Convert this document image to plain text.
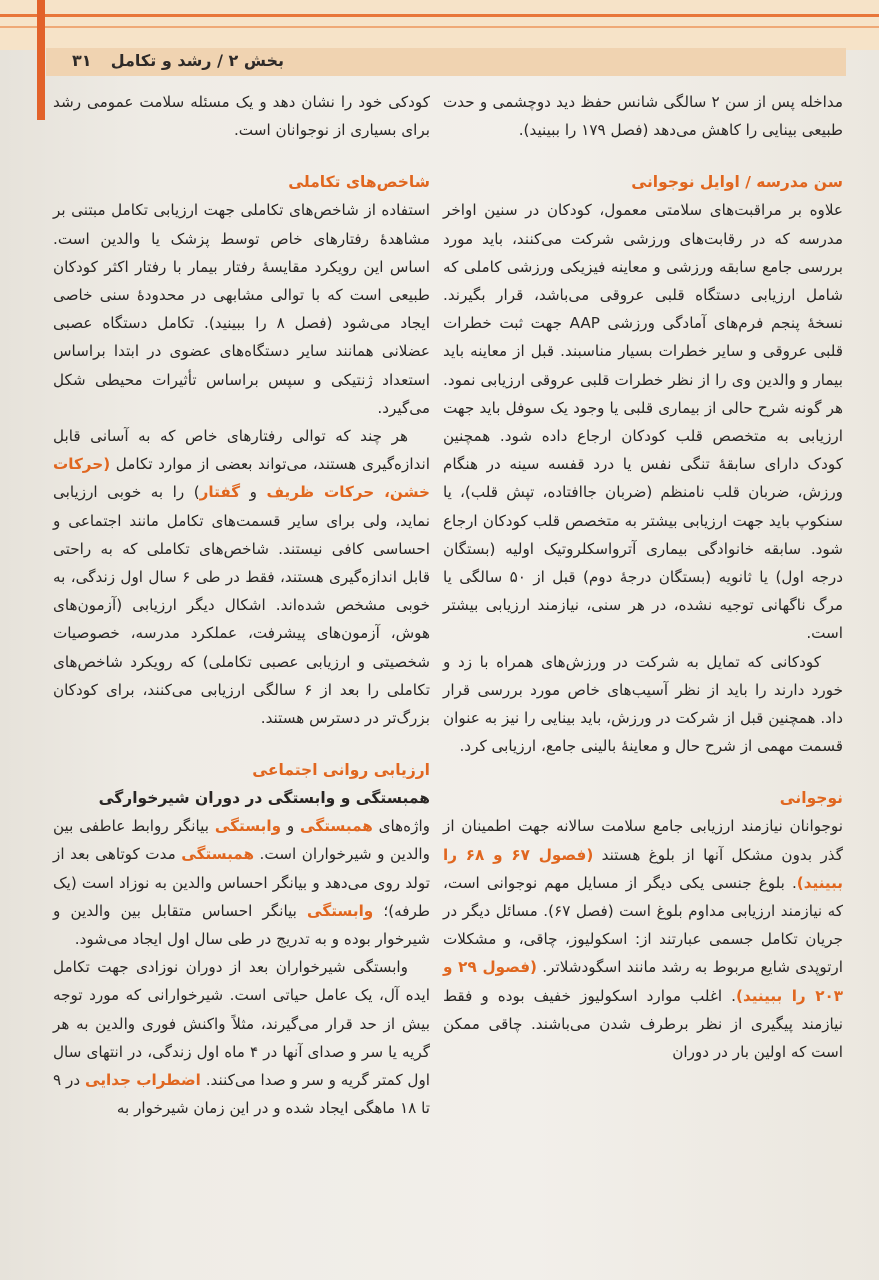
بخش ۲ / رشد و تکامل
۳۱

مداخله پس از سن ۲ سالگی شانس حفظ دید دوچشمی و حدت طبیعی بینایی را کاهش می‌دهد (فصل ۱۷۹ را ببینید).

سن مدرسه / اوایل نوجوانی

علاوه بر مراقبت‌های سلامتی معمول، کودکان در سنین اواخر مدرسه که در رقابت‌های ورزشی شرکت می‌کنند، باید مورد بررسی جامع سابقه ورزشی و معاینه فیزیکی ورزشی کاملی که شامل ارزیابی دستگاه قلبی عروقی می‌باشد، قرار بگیرند. نسخهٔ پنجم فرم‌های آمادگی ورزشی AAP جهت ثبت خطرات قلبی عروقی و سایر خطرات بسیار مناسبند. قبل از معاینه باید بیمار و والدین وی را از نظر خطرات قلبی عروقی ارزیابی نمود. هر گونه شرح حالی از بیماری قلبی یا وجود یک سوفل باید جهت ارزیابی به متخصص قلب کودکان ارجاع داده شود. همچنین کودک دارای سابقهٔ تنگی نفس یا درد قفسه سینه در هنگام ورزش، ضربان قلب نامنظم (ضربان جاافتاده، تپش قلب)، یا سنکوپ باید جهت ارزیابی بیشتر به متخصص قلب کودکان ارجاع شود. سابقه خانوادگی بیماری آترواسکلروتیک اولیه (بستگان درجه اول) یا ثانویه (بستگان درجهٔ دوم) قبل از ۵۰ سالگی یا مرگ ناگهانی توجیه نشده، در هر سنی، نیازمند ارزیابی بیشتر است.

کودکانی که تمایل به شرکت در ورزش‌های همراه با زد و خورد دارند را باید از نظر آسیب‌های خاص مورد بررسی قرار داد. همچنین قبل از شرکت در ورزش، باید بینایی را نیز به عنوان قسمت مهمی از شرح حال و معاینهٔ بالینی جامع، ارزیابی کرد.

نوجوانی

نوجوانان نیازمند ارزیابی جامع سلامت سالانه جهت اطمینان از گذر بدون مشکل آنها از بلوغ هستند (فصول ۶۷ و ۶۸ را ببینید). بلوغ جنسی یکی دیگر از مسایل مهم نوجوانی است، که نیازمند ارزیابی مداوم بلوغ است (فصل ۶۷). مسائل دیگر در جریان تکامل جسمی عبارتند از: اسکولیوز، چاقی، و مشکلات ارتوپدی شایع مربوط به رشد مانند اسگودشلاتر. (فصول ۲۹ و ۲۰۳ را ببینید). اغلب موارد اسکولیوز خفیف بوده و فقط نیازمند پیگیری از نظر برطرف شدن می‌باشند. چاقی ممکن است که اولین بار در دوران

کودکی خود را نشان دهد و یک مسئله سلامت عمومی رشد برای بسیاری از نوجوانان است.

شاخص‌های تکاملی

استفاده از شاخص‌های تکاملی جهت ارزیابی تکامل مبتنی بر مشاهدهٔ رفتارهای خاص توسط پزشک یا والدین است. اساس این رویکرد مقایسهٔ رفتار بیمار با رفتار اکثر کودکان طبیعی است که با توالی مشابهی در محدودهٔ سنی خاصی ایجاد می‌شود (فصل ۸ را ببینید). تکامل دستگاه عصبی عضلانی همانند سایر دستگاه‌های عضوی در ابتدا براساس استعداد ژنتیکی و سپس براساس تأثیرات محیطی شکل می‌گیرد.

هر چند که توالی رفتارهای خاص که به آسانی قابل اندازه‌گیری هستند، می‌تواند بعضی از موارد تکامل (حرکات خشن، حرکات ظریف و گفتار) را به خوبی ارزیابی نماید، ولی برای سایر قسمت‌های تکامل مانند اجتماعی و احساسی کافی نیستند. شاخص‌های تکاملی که به راحتی قابل اندازه‌گیری هستند، فقط در طی ۶ سال اول زندگی، به خوبی مشخص شده‌اند. اشکال دیگر ارزیابی (آزمون‌های هوش، آزمون‌های پیشرفت، عملکرد مدرسه، خصوصیات شخصیتی و ارزیابی عصبی تکاملی) که رویکرد شاخص‌های تکاملی را بعد از ۶ سالگی ارزیابی می‌کنند، برای کودکان بزرگ‌تر در دسترس هستند.

ارزیابی روانی اجتماعی
همبستگی و وابستگی در دوران شیرخوارگی

واژه‌های همبستگی و وابستگی بیانگر روابط عاطفی بین والدین و شیرخواران است. همبستگی مدت کوتاهی بعد از تولد روی می‌دهد و بیانگر احساس والدین به نوزاد است (یک طرفه)؛ وابستگی بیانگر احساس متقابل بین والدین و شیرخوار بوده و به تدریج در طی سال اول ایجاد می‌شود.

وابستگی شیرخواران بعد از دوران نوزادی جهت تکامل ایده آل، یک عامل حیاتی است. شیرخوارانی که مورد توجه بیش از حد قرار می‌گیرند، مثلاً واکنش فوری والدین به هر گریه یا سر و صدای آنها در ۴ ماه اول زندگی، در انتهای سال اول کمتر گریه و سر و صدا می‌کنند. اضطراب جدایی در ۹ تا ۱۸ ماهگی ایجاد شده و در این زمان شیرخوار به
